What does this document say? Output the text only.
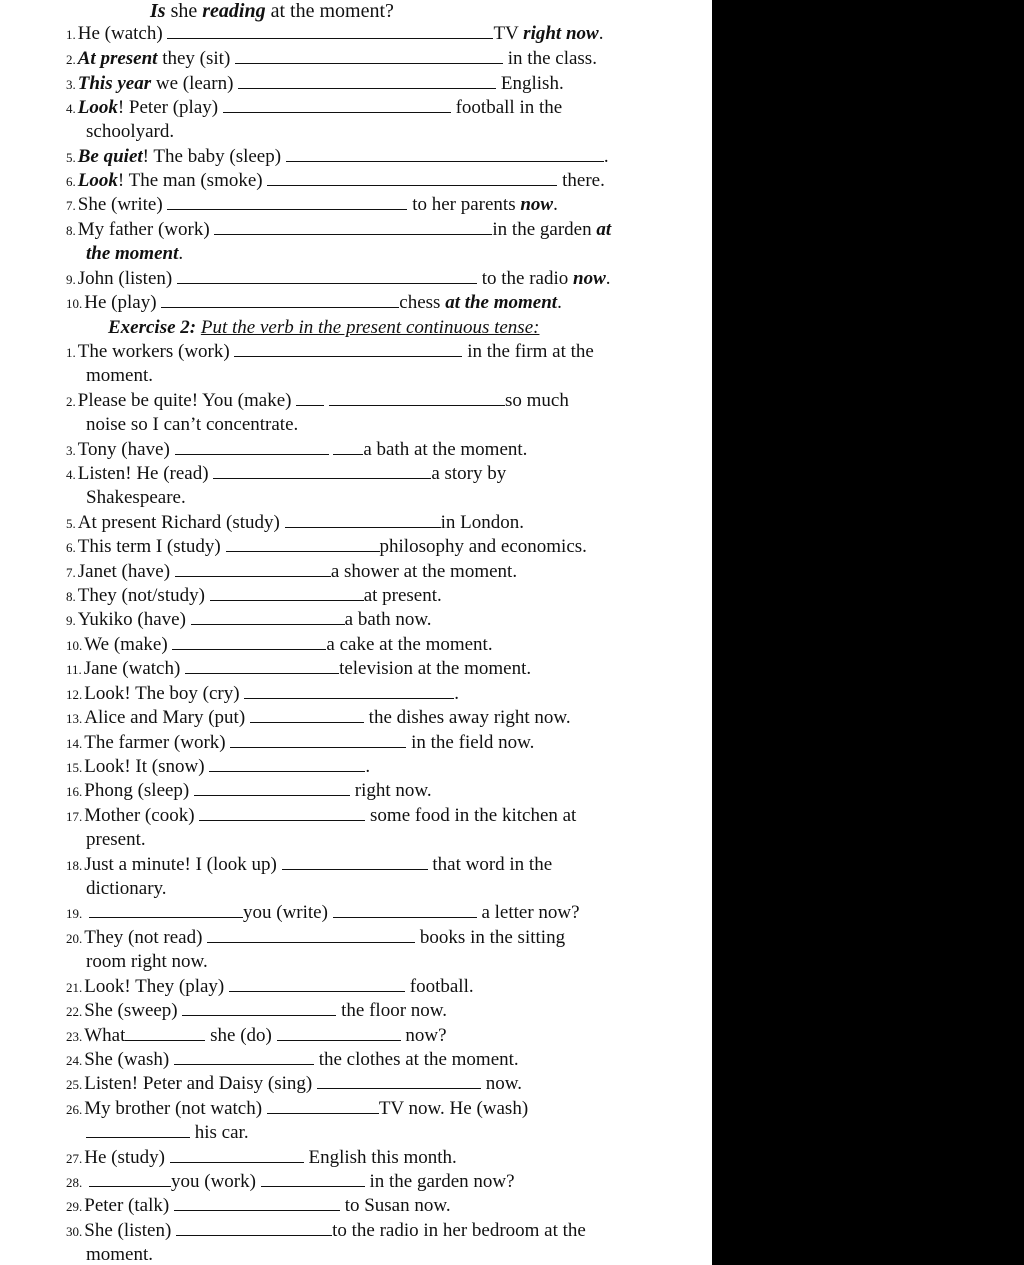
Is she reading at the moment?
1. He (watch)	TV right now.
2. At present they (sit)	in the class.
3. This year we (learn)	English.
4. Look! Peter (play)	football in the
schoolyard.
5. Be quiet! The baby (sleep)	.
6. Look! The man (smoke)	there.
7. She (write)	to her parents now.
8. My father (work)	in the garden at
the moment.
9. John (listen)	to the radio now.
10. He (play)	chess at the moment.
Exercise 2: Put the verb in the present continuous tense:
1. The workers (work)	in the firm at the
moment.
2. Please be quite! You (make)	so much
noise so I can’t concentrate.
3. Tony (have)	a bath at the moment.
4. Listen! He (read)	a story by
Shakespeare.
5. At present Richard (study)	in London.
6. This term I (study)	philosophy and economics.
7. Janet (have)	a shower at the moment.
8. They (not/study)	at present.
9. Yukiko (have)	a bath now.
10. We (make)	a cake at the moment.
11. Jane (watch)	television at the moment.
12. Look! The boy (cry)	.
13. Alice and Mary (put)	the dishes away right now.
14. The farmer (work)	in the field now.
15. Look! It (snow)	.
16. Phong (sleep)	right now.
17. Mother (cook)	some food in the kitchen at
present.
18. Just a minute! I (look up)	that word in the
dictionary.
19.	you (write)	a letter now?
20. They (not read)	books in the sitting
room right now.
21. Look! They (play)	football.
22. She (sweep)	the floor now.
23. What	she (do)	now?
24. She (wash)	the clothes at the moment.
25. Listen! Peter and Daisy (sing)	now.
26. My brother (not watch)	TV now. He (wash)
his car.
27. He (study)	English this month.
28.	you (work)	in the garden now?
29. Peter (talk)	to Susan now.
30. She (listen)	to the radio in her bedroom at the
moment.
